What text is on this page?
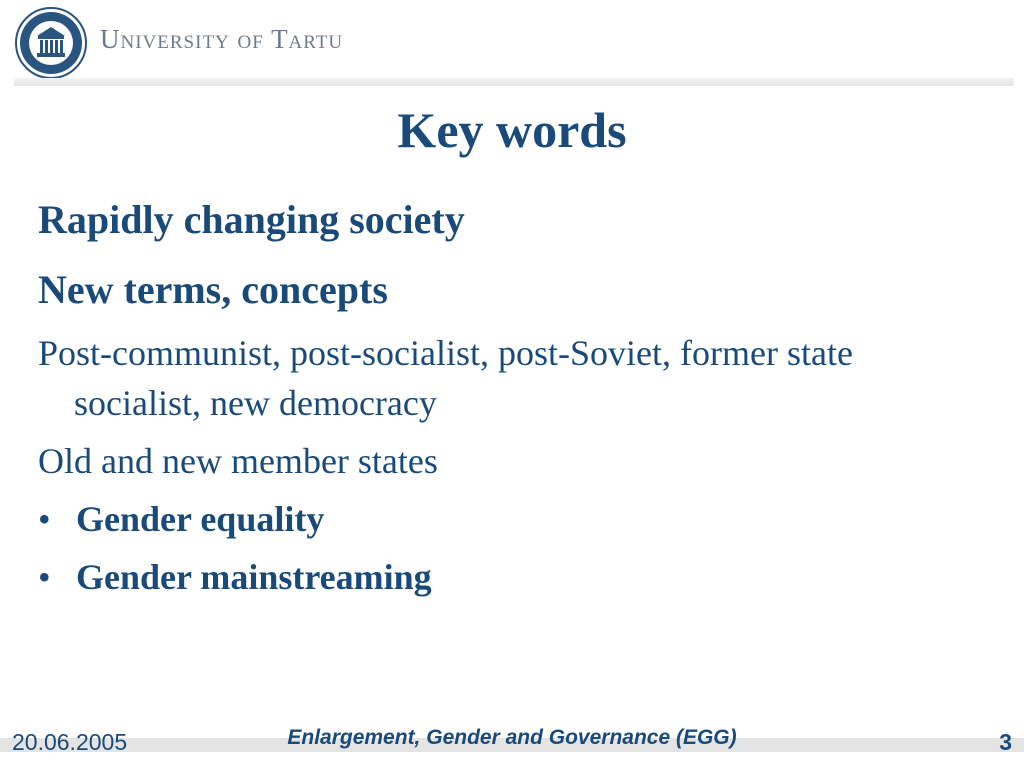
University of Tartu
Key words

Rapidly changing society

New terms, concepts

Post-communist, post-socialist, post-Soviet, former state socialist, new democracy

Old and new member states

• Gender equality
• Gender mainstreaming
20.06.2005	Enlargement, Gender and Governance (EGG)	3
